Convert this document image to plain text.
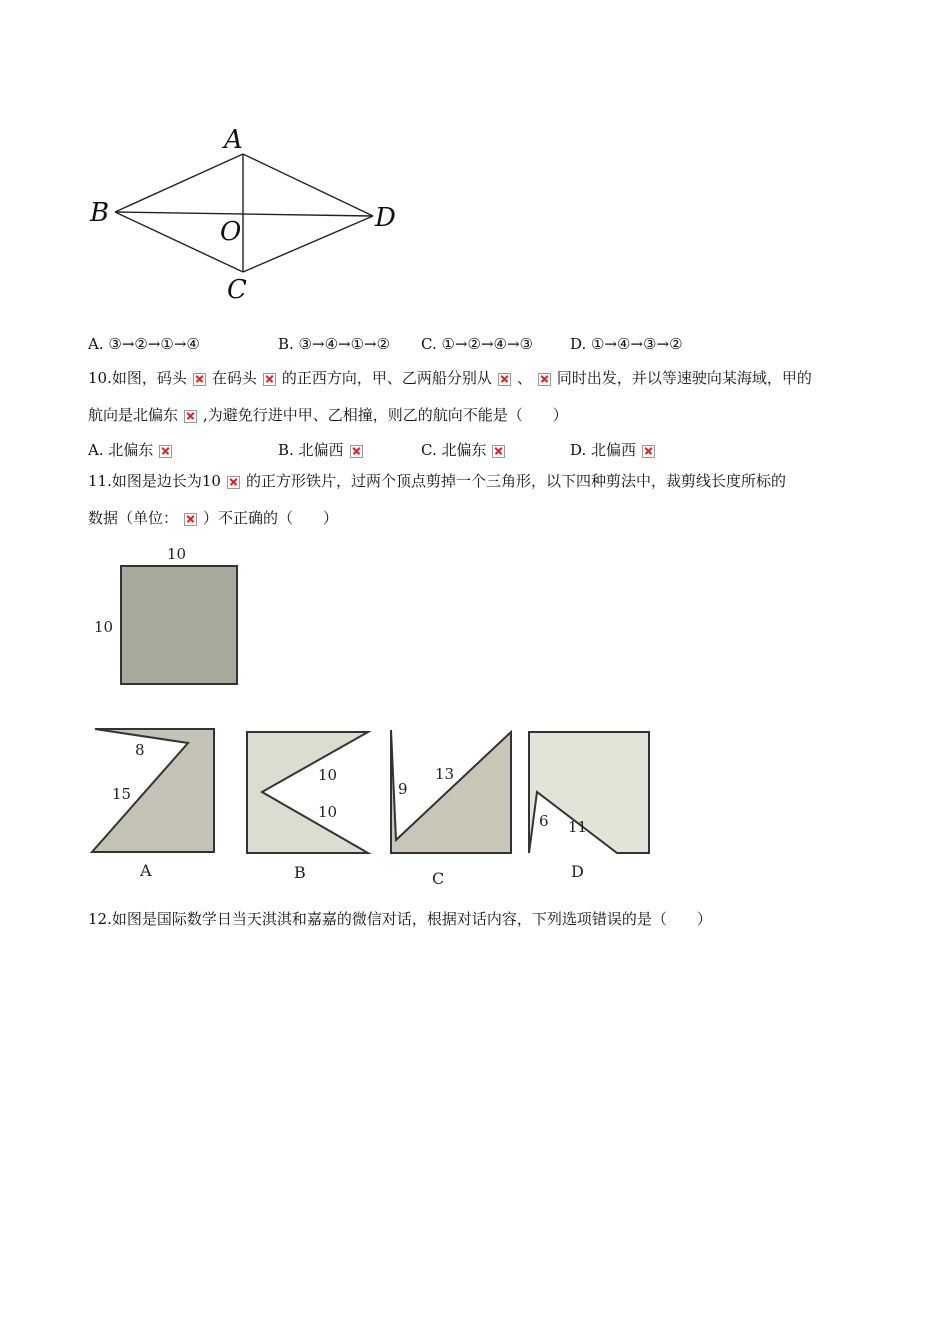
A
B
C
D
O
A. ③→②→①→④	B. ③→④→①→② C. ①→②→④→③ D. ①→④→③→②
10.如图，码头 在码头 的正西方向，甲、乙两船分别从 、 同时出发，并以等速驶向某海域，甲的
航向是北偏东 ,为避免行进中甲、乙相撞，则乙的航向不能是（　　）
A. 北偏东	B. 北偏西	C. 北偏东	D. 北偏西
11.如图是边长为10 的正方形铁片，过两个顶点剪掉一个三角形，以下四种剪法中，裁剪线长度所标的
数据（单位： ）不正确的（　　）
10
10
8
15
A
10
10
B
9
13
C
6 11
D
12.如图是国际数学日当天淇淇和嘉嘉的微信对话，根据对话内容，下列选项错误的是（　　）
